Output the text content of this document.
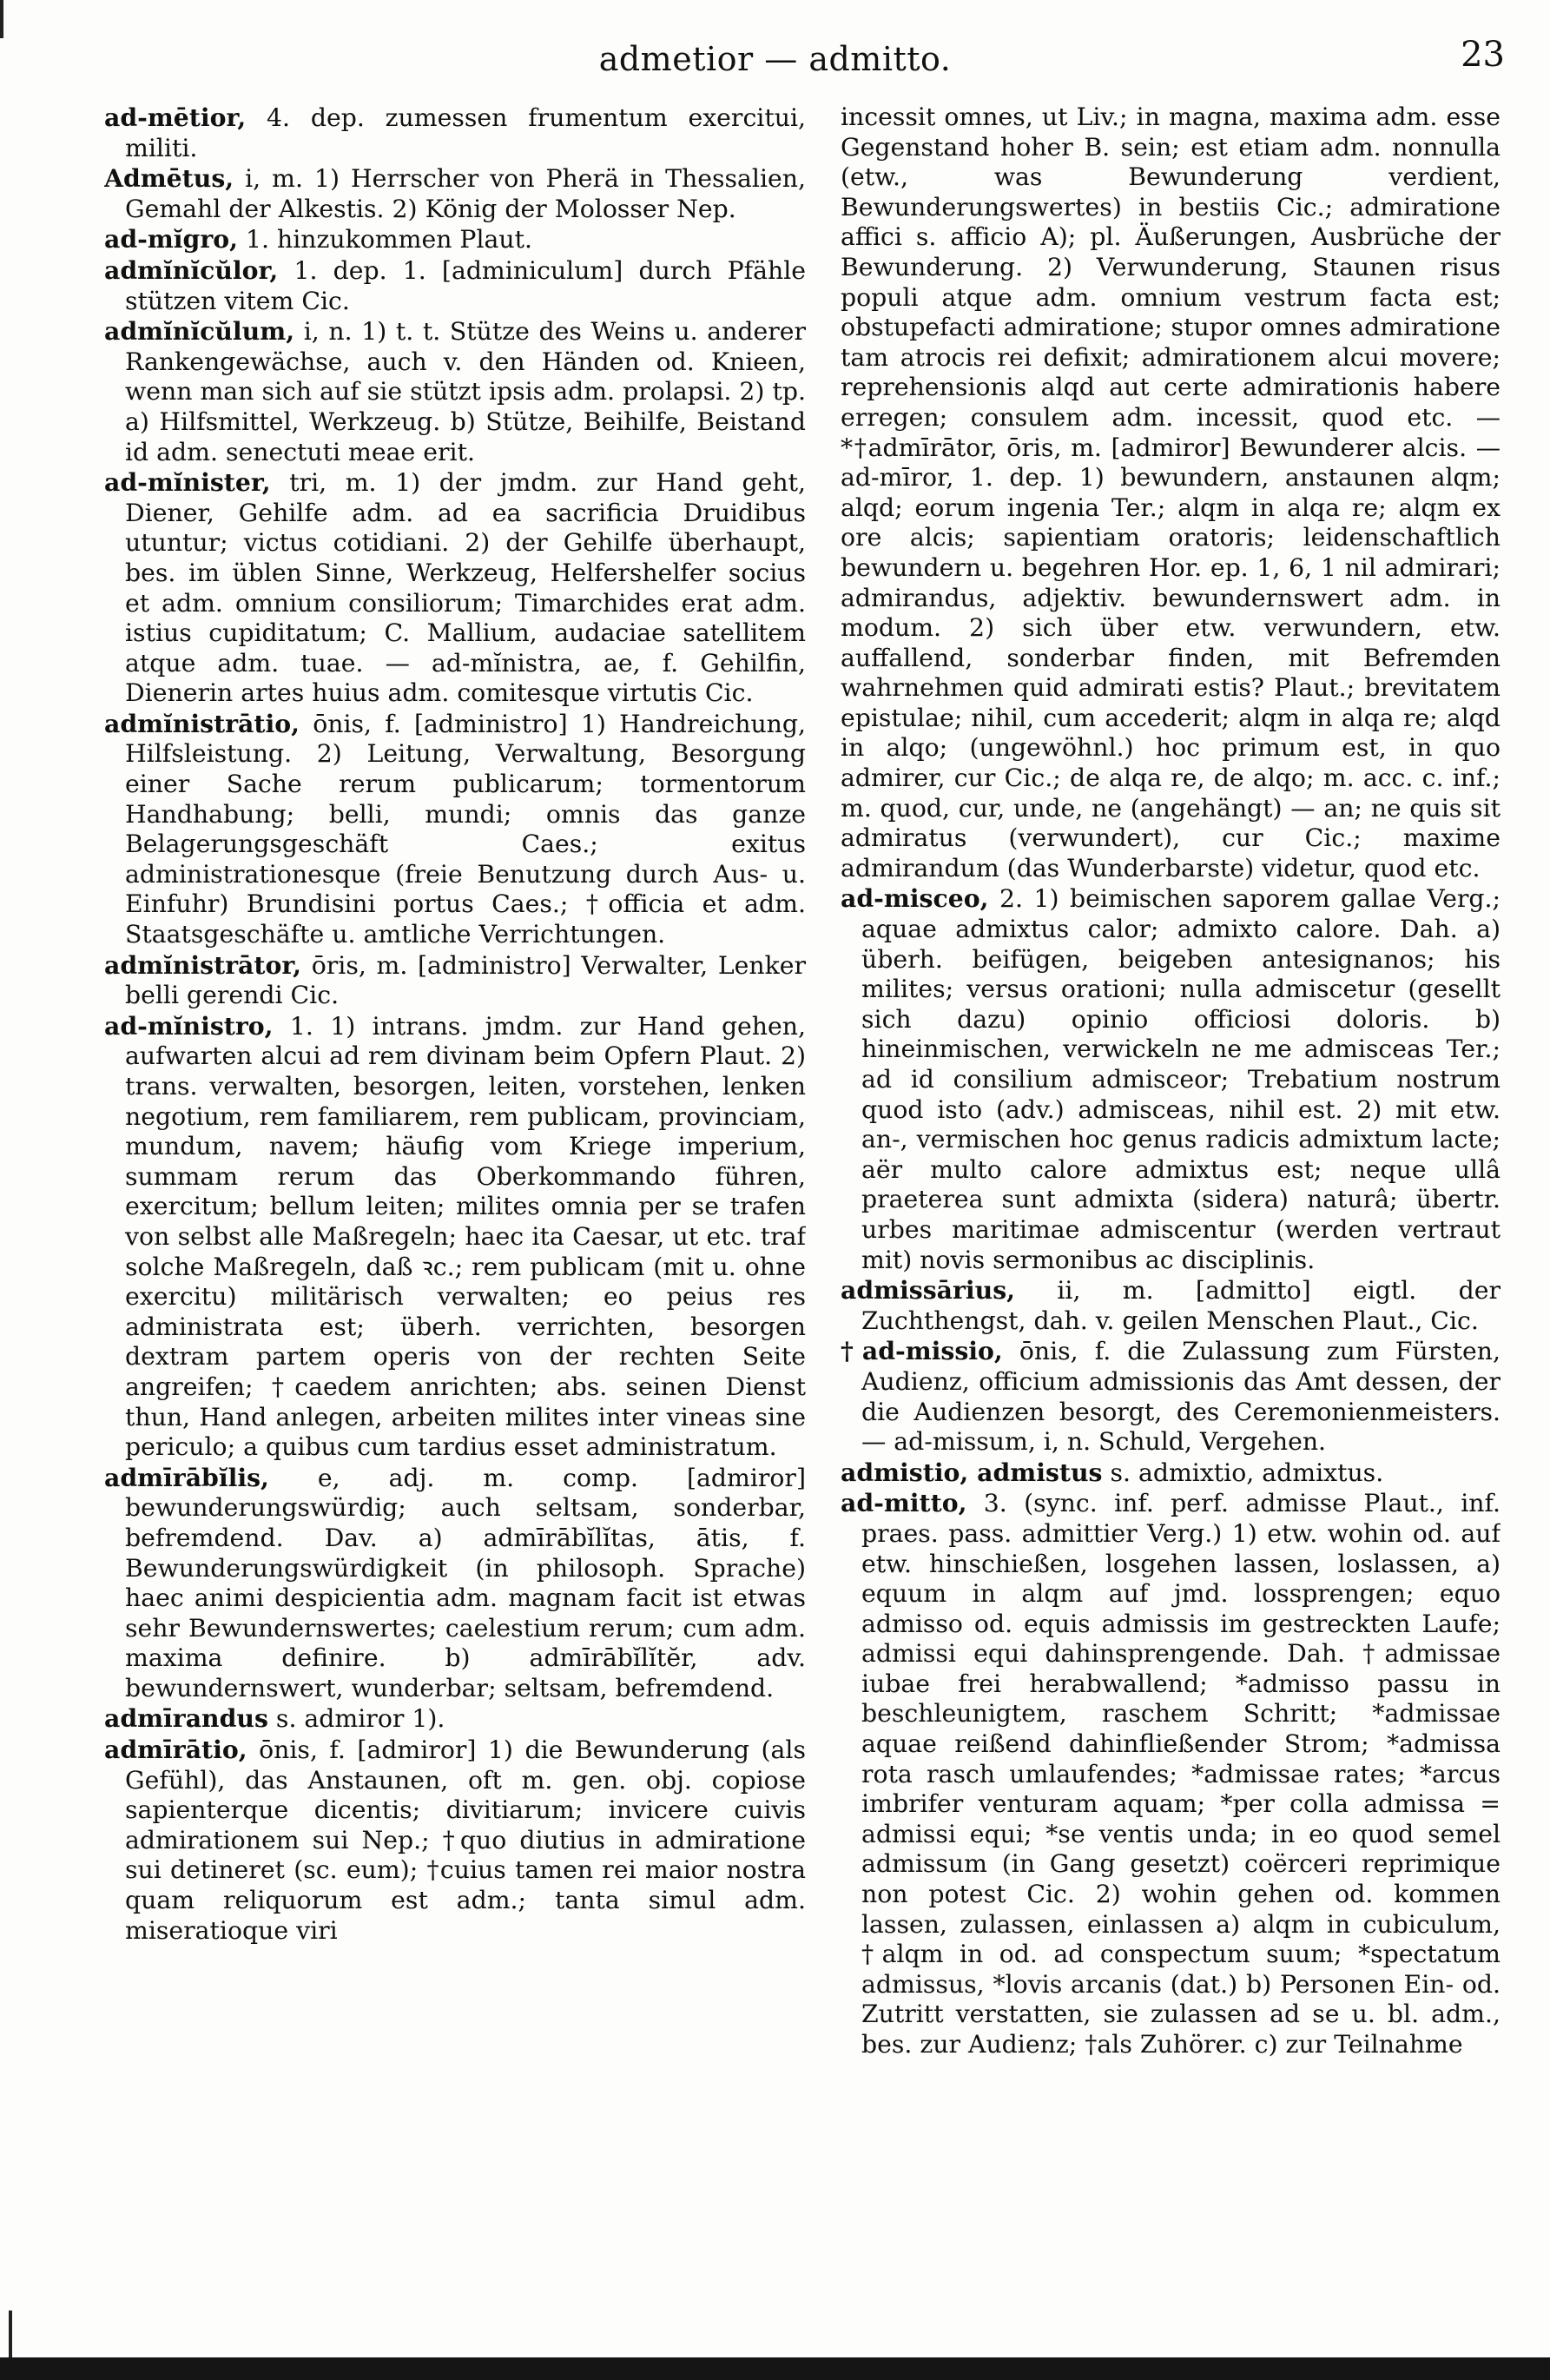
admetior — admitto.	23

ad-mētior, 4. dep. zumessen frumentum exercitui, militi.

Admētus, i, m. 1) Herrscher von Pherä in Thessalien, Gemahl der Alkestis. 2) König der Molosser Nep.

ad-mĭgro, 1. hinzukommen Plaut.

admĭnĭcŭlor, 1. dep. 1. [adminiculum] durch Pfähle stützen vitem Cic.

admĭnĭcŭlum, i, n. 1) t. t. Stütze des Weins u. anderer Rankengewächse, auch v. den Händen od. Knieen, wenn man sich auf sie stützt ipsis adm. prolapsi. 2) tp. a) Hilfsmittel, Werkzeug. b) Stütze, Beihilfe, Beistand id adm. senectuti meae erit.

ad-mĭnister, tri, m. 1) der jmdm. zur Hand geht, Diener, Gehilfe adm. ad ea sacrificia Druidibus utuntur; victus cotidiani. 2) der Gehilfe überhaupt, bes. im üblen Sinne, Werkzeug, Helfershelfer socius et adm. omnium consiliorum; Timarchides erat adm. istius cupiditatum; C. Mallium, audaciae satellitem atque adm. tuae. — ad-mĭnistra, ae, f. Gehilfin, Dienerin artes huius adm. comitesque virtutis Cic.

admĭnistrātio, ōnis, f. [administro] 1) Handreichung, Hilfsleistung. 2) Leitung, Verwaltung, Besorgung einer Sache rerum publicarum; tormentorum Handhabung; belli, mundi; omnis das ganze Belagerungsgeschäft Caes.; exitus administrationesque (freie Benutzung durch Aus- u. Einfuhr) Brundisini portus Caes.; †officia et adm. Staatsgeschäfte u. amtliche Verrichtungen.

admĭnistrātor, ōris, m. [administro] Verwalter, Lenker belli gerendi Cic.

ad-mĭnistro, 1. 1) intrans. jmdm. zur Hand gehen, aufwarten alcui ad rem divinam beim Opfern Plaut. 2) trans. verwalten, besorgen, leiten, vorstehen, lenken negotium, rem familiarem, rem publicam, provinciam, mundum, navem; häufig vom Kriege imperium, summam rerum das Oberkommando führen, exercitum; bellum leiten; milites omnia per se trafen von selbst alle Maßregeln; haec ita Caesar, ut etc. traf solche Maßregeln, daß ꝛc.; rem publicam (mit u. ohne exercitu) militärisch verwalten; eo peius res administrata est; überh. verrichten, besorgen dextram partem operis von der rechten Seite angreifen; †caedem anrichten; abs. seinen Dienst thun, Hand anlegen, arbeiten milites inter vineas sine periculo; a quibus cum tardius esset administratum.

admīrābĭlis, e, adj. m. comp. [admiror] bewunderungswürdig; auch seltsam, sonderbar, befremdend. Dav. a) admīrābĭlĭtas, ātis, f. Bewunderungswürdigkeit (in philosoph. Sprache) haec animi despicientia adm. magnam facit ist etwas sehr Bewundernswertes; caelestium rerum; cum adm. maxima definire. b) admīrābĭlĭtĕr, adv. bewundernswert, wunderbar; seltsam, befremdend.

admīrandus s. admiror 1).

admīrātio, ōnis, f. [admiror] 1) die Bewunderung (als Gefühl), das Anstaunen, oft m. gen. obj. copiose sapienterque dicentis; divitiarum; invicere cuivis admirationem sui Nep.; †quo diutius in admiratione sui detineret (sc. eum); †cuius tamen rei maior nostra quam reliquorum est adm.; tanta simul adm. miseratioque viri

incessit omnes, ut Liv.; in magna, maxima adm. esse Gegenstand hoher B. sein; est etiam adm. nonnulla (etw., was Bewunderung verdient, Bewunderungswertes) in bestiis Cic.; admiratione affici s. afficio A); pl. Äußerungen, Ausbrüche der Bewunderung. 2) Verwunderung, Staunen risus populi atque adm. omnium vestrum facta est; obstupefacti admiratione; stupor omnes admiratione tam atrocis rei defixit; admirationem alcui movere; reprehensionis alqd aut certe admirationis habere erregen; consulem adm. incessit, quod etc. — *†admīrātor, ōris, m. [admiror] Bewunderer alcis. — ad-mīror, 1. dep. 1) bewundern, anstaunen alqm; alqd; eorum ingenia Ter.; alqm in alqa re; alqm ex ore alcis; sapientiam oratoris; leidenschaftlich bewundern u. begehren Hor. ep. 1, 6, 1 nil admirari; admirandus, adjektiv. bewundernswert adm. in modum. 2) sich über etw. verwundern, etw. auffallend, sonderbar finden, mit Befremden wahrnehmen quid admirati estis? Plaut.; brevitatem epistulae; nihil, cum accederit; alqm in alqa re; alqd in alqo; (ungewöhnl.) hoc primum est, in quo admirer, cur Cic.; de alqa re, de alqo; m. acc. c. inf.; m. quod, cur, unde, ne (angehängt) — an; ne quis sit admiratus (verwundert), cur Cic.; maxime admirandum (das Wunderbarste) videtur, quod etc.

ad-misceo, 2. 1) beimischen saporem gallae Verg.; aquae admixtus calor; admixto calore. Dah. a) überh. beifügen, beigeben antesignanos; his milites; versus orationi; nulla admiscetur (gesellt sich dazu) opinio officiosi doloris. b) hineinmischen, verwickeln ne me admisceas Ter.; ad id consilium admisceor; Trebatium nostrum quod isto (adv.) admisceas, nihil est. 2) mit etw. an-, vermischen hoc genus radicis admixtum lacte; aër multo calore admixtus est; neque ullâ praeterea sunt admixta (sidera) naturâ; übertr. urbes maritimae admiscentur (werden vertraut mit) novis sermonibus ac disciplinis.

admissārius, ii, m. [admitto] eigtl. der Zuchthengst, dah. v. geilen Menschen Plaut., Cic.

†ad-missio, ōnis, f. die Zulassung zum Fürsten, Audienz, officium admissionis das Amt dessen, der die Audienzen besorgt, des Ceremonienmeisters. — ad-missum, i, n. Schuld, Vergehen.

admistio, admistus s. admixtio, admixtus.

ad-mitto, 3. (sync. inf. perf. admisse Plaut., inf. praes. pass. admittier Verg.) 1) etw. wohin od. auf etw. hinschießen, losgehen lassen, loslassen, a) equum in alqm auf jmd. lossprengen; equo admisso od. equis admissis im gestreckten Laufe; admissi equi dahinsprengende. Dah. †admissae iubae frei herabwallend; *admisso passu in beschleunigtem, raschem Schritt; *admissae aquae reißend dahinfließender Strom; *admissa rota rasch umlaufendes; *admissae rates; *arcus imbrifer venturam aquam; *per colla admissa = admissi equi; *se ventis unda; in eo quod semel admissum (in Gang gesetzt) coërceri reprimique non potest Cic. 2) wohin gehen od. kommen lassen, zulassen, einlassen a) alqm in cubiculum, †alqm in od. ad conspectum suum; *spectatum admissus, *lovis arcanis (dat.) b) Personen Ein- od. Zutritt verstatten, sie zulassen ad se u. bl. adm., bes. zur Audienz; †als Zuhörer. c) zur Teilnahme
